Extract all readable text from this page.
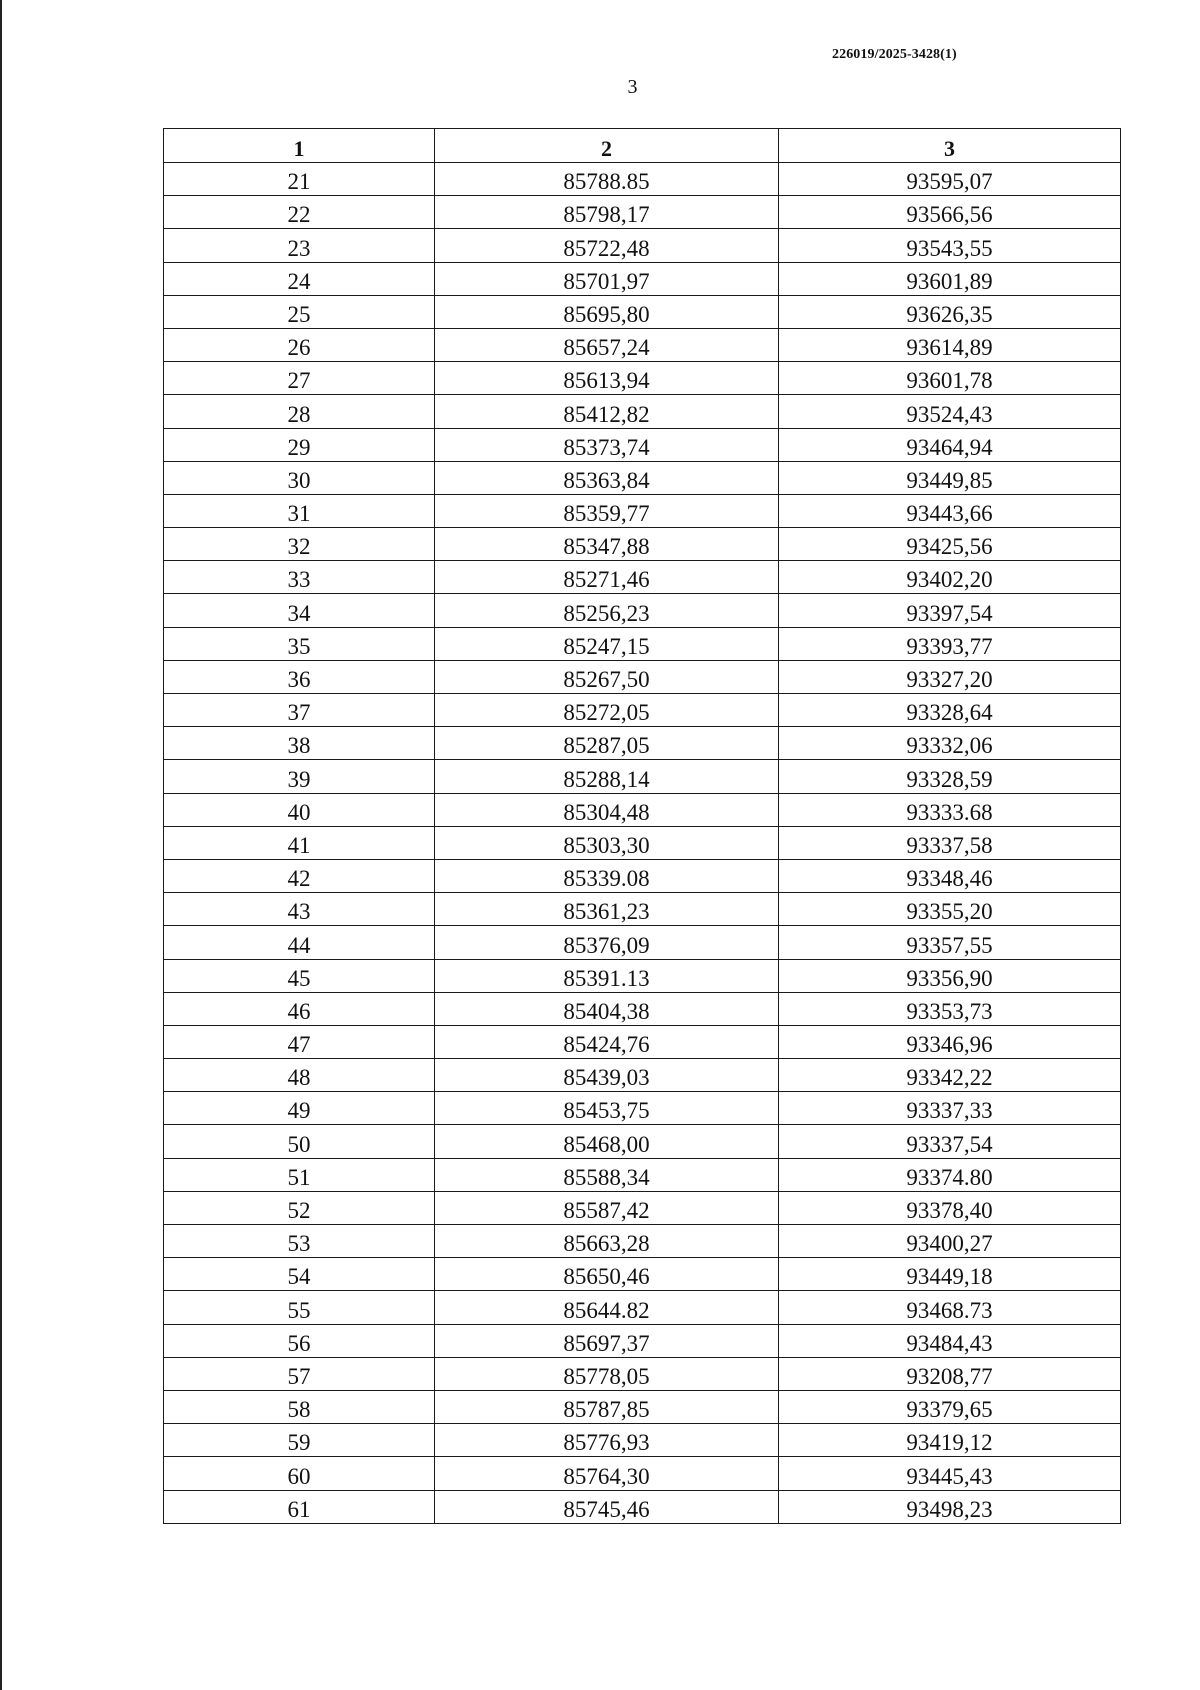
226019/2025-3428(1)
3
1	2	3
21	85788.85	93595,07
22	85798,17	93566,56
23	85722,48	93543,55
24	85701,97	93601,89
25	85695,80	93626,35
26	85657,24	93614,89
27	85613,94	93601,78
28	85412,82	93524,43
29	85373,74	93464,94
30	85363,84	93449,85
31	85359,77	93443,66
32	85347,88	93425,56
33	85271,46	93402,20
34	85256,23	93397,54
35	85247,15	93393,77
36	85267,50	93327,20
37	85272,05	93328,64
38	85287,05	93332,06
39	85288,14	93328,59
40	85304,48	93333.68
41	85303,30	93337,58
42	85339.08	93348,46
43	85361,23	93355,20
44	85376,09	93357,55
45	85391.13	93356,90
46	85404,38	93353,73
47	85424,76	93346,96
48	85439,03	93342,22
49	85453,75	93337,33
50	85468,00	93337,54
51	85588,34	93374.80
52	85587,42	93378,40
53	85663,28	93400,27
54	85650,46	93449,18
55	85644.82	93468.73
56	85697,37	93484,43
57	85778,05	93208,77
58	85787,85	93379,65
59	85776,93	93419,12
60	85764,30	93445,43
61	85745,46	93498,23
